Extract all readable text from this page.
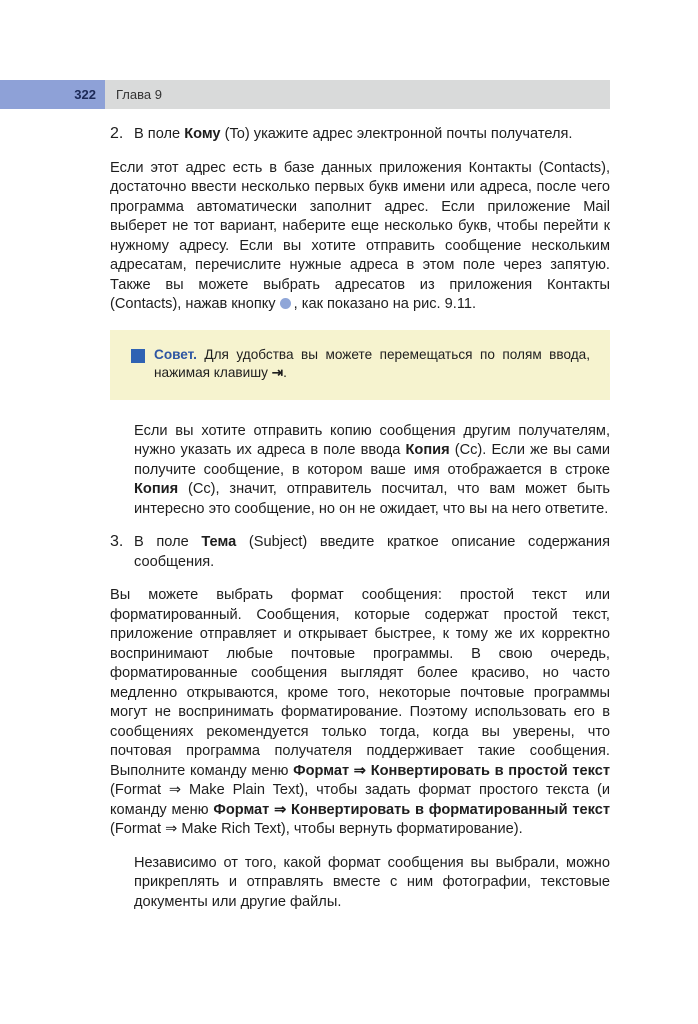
322	Глава 9
2. В поле Кому (To) укажите адрес электронной почты получателя.

Если этот адрес есть в базе данных приложения Контакты (Contacts), достаточно ввести несколько первых букв имени или адреса, после чего программа автоматически заполнит адрес. Если приложение Mail выберет не тот вариант, наберите еще несколько букв, чтобы перейти к нужному адресу. Если вы хотите отправить сообщение нескольким адресатам, перечислите нужные адреса в этом поле через запятую. Также вы можете выбрать адресатов из приложения Контакты (Contacts), нажав кнопку , как показано на рис. 9.11.

Совет. Для удобства вы можете перемещаться по полям ввода, нажимая клавишу ⇥.

Если вы хотите отправить копию сообщения другим получателям, нужно указать их адреса в поле ввода Копия (Cc). Если же вы сами получите сообщение, в котором ваше имя отображается в строке Копия (Cc), значит, отправитель посчитал, что вам может быть интересно это сообщение, но он не ожидает, что вы на него ответите.

3. В поле Тема (Subject) введите краткое описание содержания сообщения.

Вы можете выбрать формат сообщения: простой текст или форматированный. Сообщения, которые содержат простой текст, приложение отправляет и открывает быстрее, к тому же их корректно воспринимают любые почтовые программы. В свою очередь, форматированные сообщения выглядят более красиво, но часто медленно открываются, кроме того, некоторые почтовые программы могут не воспринимать форматирование. Поэтому использовать его в сообщениях рекомендуется только тогда, когда вы уверены, что почтовая программа получателя поддерживает такие сообщения. Выполните команду меню Формат ⇒ Конвертировать в простой текст (Format ⇒ Make Plain Text), чтобы задать формат простого текста (и команду меню Формат ⇒ Конвертировать в форматированный текст (Format ⇒ Make Rich Text), чтобы вернуть форматирование).

Независимо от того, какой формат сообщения вы выбрали, можно прикреплять и отправлять вместе с ним фотографии, текстовые документы или другие файлы.
